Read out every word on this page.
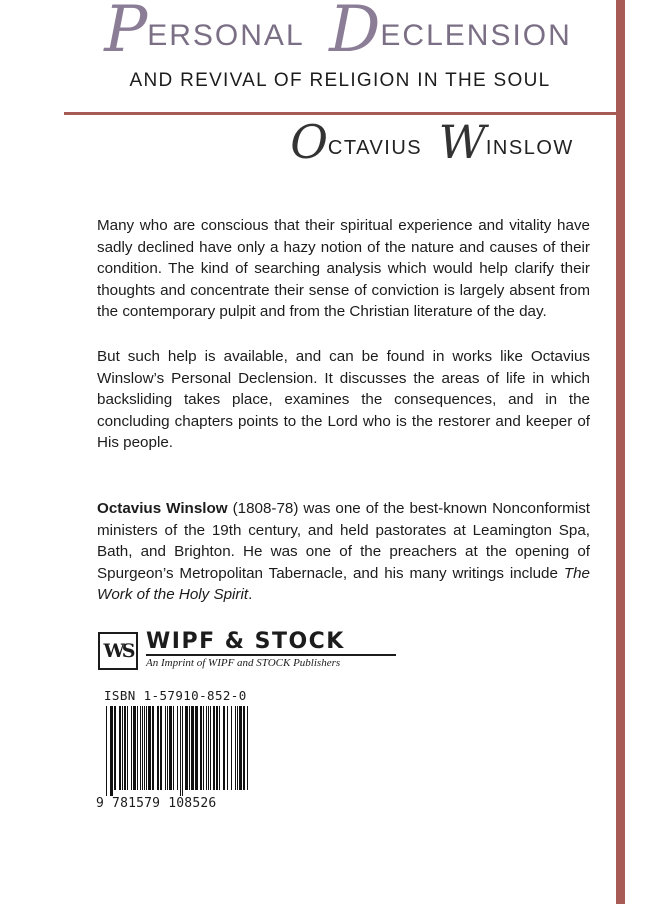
PERSONAL DECLENSION
AND REVIVAL OF RELIGION IN THE SOUL
OCTAVIUS WINSLOW

Many who are conscious that their spiritual experience and vitality have sadly declined have only a hazy notion of the nature and causes of their condition. The kind of searching analysis which would help clarify their thoughts and concentrate their sense of conviction is largely absent from the contemporary pulpit and from the Christian literature of the day.

But such help is available, and can be found in works like Octavius Winslow’s Personal Declension. It discusses the areas of life in which backsliding takes place, examines the consequences, and in the concluding chapters points to the Lord who is the restorer and keeper of His people.

Octavius Winslow (1808-78) was one of the best-known Nonconformist ministers of the 19th century, and held pastorates at Leamington Spa, Bath, and Brighton. He was one of the preachers at the opening of Spurgeon’s Metropolitan Tabernacle, and his many writings include The Work of the Holy Spirit.

WS WIPF & STOCK
An Imprint of WIPF and STOCK Publishers
ISBN 1-57910-852-0
9 781579 108526
